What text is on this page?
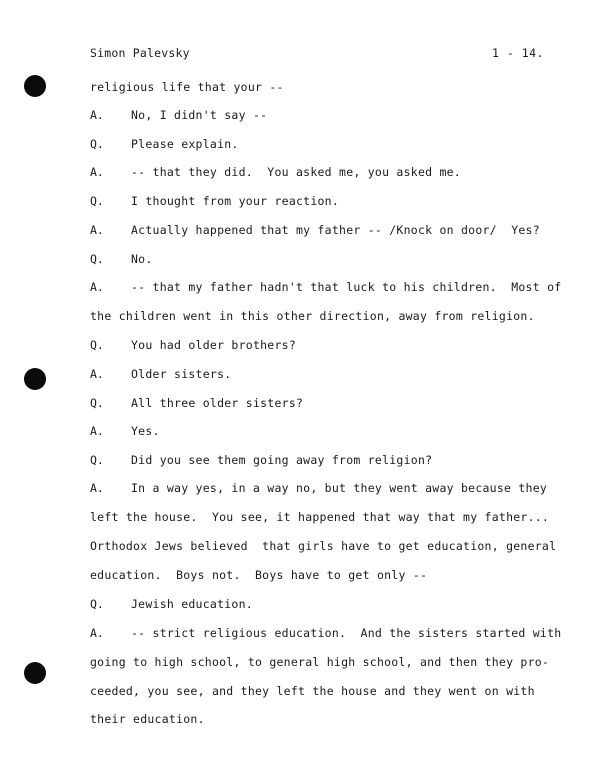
Simon Palevsky	1 - 14.
religious life that your --
A. No, I didn't say --
Q. Please explain.
A. -- that they did.  You asked me, you asked me.
Q. I thought from your reaction.
A. Actually happened that my father -- /Knock on door/  Yes?
Q. No.
A. -- that my father hadn't that luck to his children.  Most of
the children went in this other direction, away from religion.
Q. You had older brothers?
A. Older sisters.
Q. All three older sisters?
A. Yes.
Q. Did you see them going away from religion?
A. In a way yes, in a way no, but they went away because they
left the house.  You see, it happened that way that my father...
Orthodox Jews believed  that girls have to get education, general
education.  Boys not.  Boys have to get only --
Q. Jewish education.
A. -- strict religious education.  And the sisters started with
going to high school, to general high school, and then they pro-
ceeded, you see, and they left the house and they went on with
their education.
